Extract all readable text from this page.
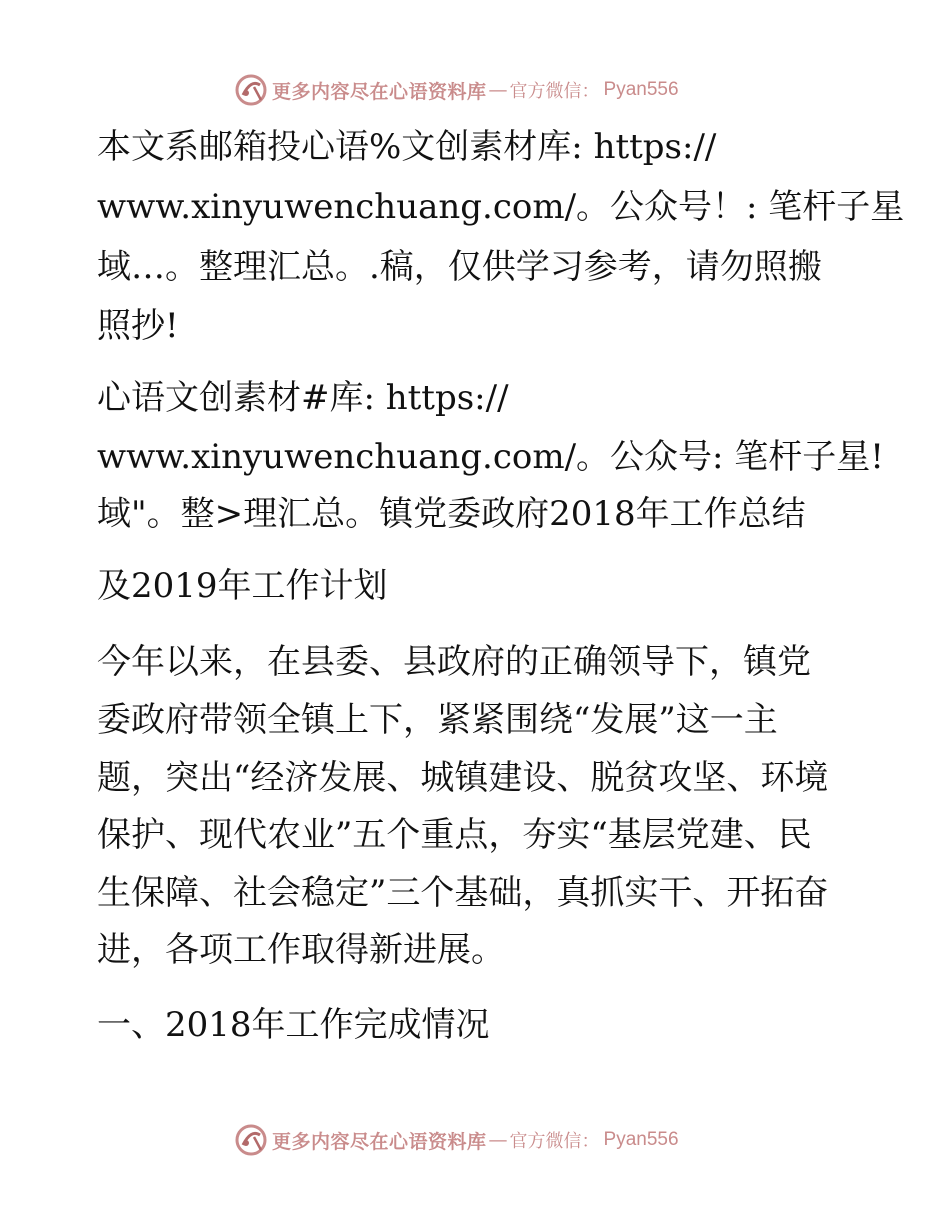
更多内容尽在心语资料库 — 官方微信： Pyan556
本文系邮箱投心语%文创素材库: https://
www.xinyuwenchuang.com/。公众号！: 笔杆子星
域…。整理汇总。.稿，仅供学习参考，请勿照搬
照抄!
心语文创素材#库: https://
www.xinyuwenchuang.com/。公众号: 笔杆子星!
域"。整>理汇总。镇党委政府2018年工作总结
及2019年工作计划
今年以来，在县委、县政府的正确领导下，镇党
委政府带领全镇上下，紧紧围绕“发展”这一主
题，突出“经济发展、城镇建设、脱贫攻坚、环境
保护、现代农业”五个重点，夯实“基层党建、民
生保障、社会稳定”三个基础，真抓实干、开拓奋
进，各项工作取得新进展。
一、2018年工作完成情况
更多内容尽在心语资料库 — 官方微信： Pyan556
